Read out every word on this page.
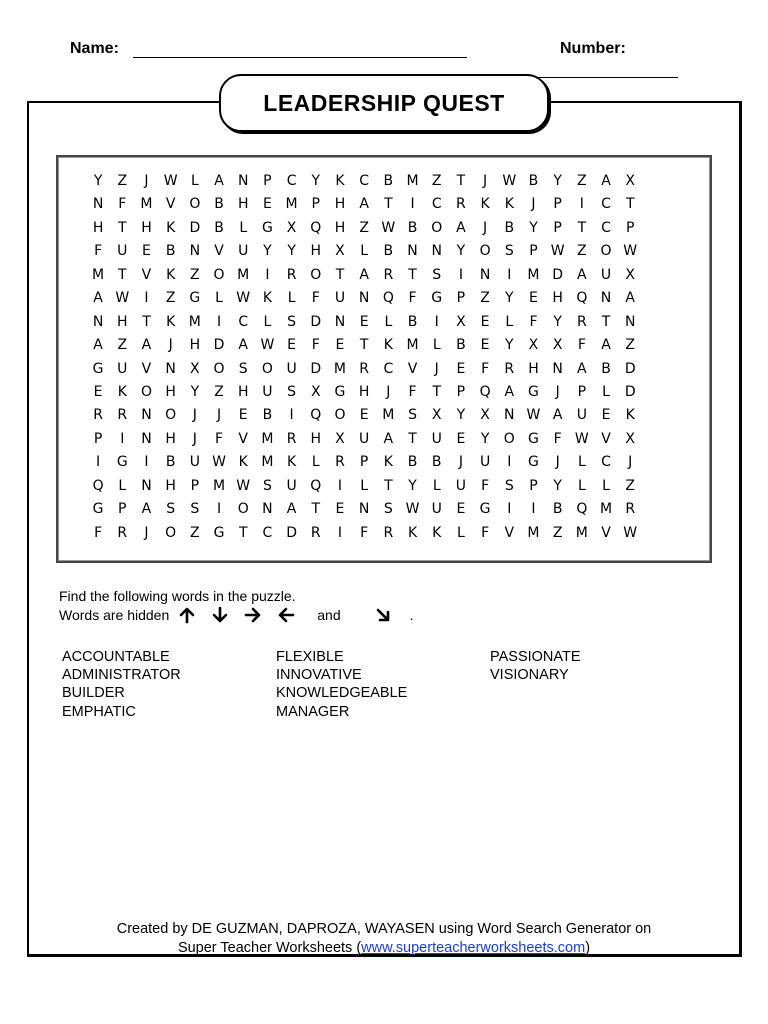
Name:	Number:
LEADERSHIP QUEST
Y	Z	J	W L	A	N	P	C	Y	K	C	B M Z	T	J	W B	Y	Z	A	X
N	F	M V O B	H	E M P	H	A	T	I	C	R	K	K	J	P	I	C	T
H	T	H	K	D B	L	G X Q H	Z W B O A	J	B	Y	P	T	C	P
F	U	E	B	N	V	U	Y	Y	H	X	L	B	N N	Y	O	S	P W Z O W
M T	V	K	Z O M	I	R O	T	A	R	T	S	I	N	I	M D	A	U	X
A W	I	Z G	L W K	L	F	U N Q	F	G	P	Z	Y	E	H Q N	A
N H	T	K M	I	C	L	S	D N	E	L	B	I	X	E	L	F	Y	R	T	N
A	Z	A	J	H D	A W E	F	E	T	K M	L	B	E	Y	X	X	F	A	Z
G U	V	N	X O	S	O U D M R	C	V	J	E	F	R	H N	A	B	D
E	K	O H	Y	Z	H U	S	X G H	J	F	T	P	Q A G	J	P	L	D
R	R	N O	J	J	E	B	I	Q O	E M S	X	Y	X	N W A	U	E	K
P	I	N H	J	F	V M R	H	X	U	A	T	U	E	Y	O G	F W V	X
I	G	I	B	U W K M K	L	R	P	K	B	B	J	U	I	G	J	L	C	J
Q	L	N H	P M W S	U Q	I	L	T	Y	L	U	F	S	P	Y	L	L	Z
G	P	A	S	S	I	O N	A	T	E	N	S W U	E	G	I	I	B Q M R
F	R	J	O Z G	T	C D R	I	F	R	K	K	L	F	V M Z M V W
Find the following words in the puzzle.
Words are hidden	and	.
ACCOUNTABLE
ADMINISTRATOR
BUILDER
EMPHATIC
FLEXIBLE
INNOVATIVE
KNOWLEDGEABLE
MANAGER
PASSIONATE
VISIONARY
Created by DE GUZMAN, DAPROZA, WAYASEN using Word Search Generator on
Super Teacher Worksheets (www.superteacherworksheets.com)
